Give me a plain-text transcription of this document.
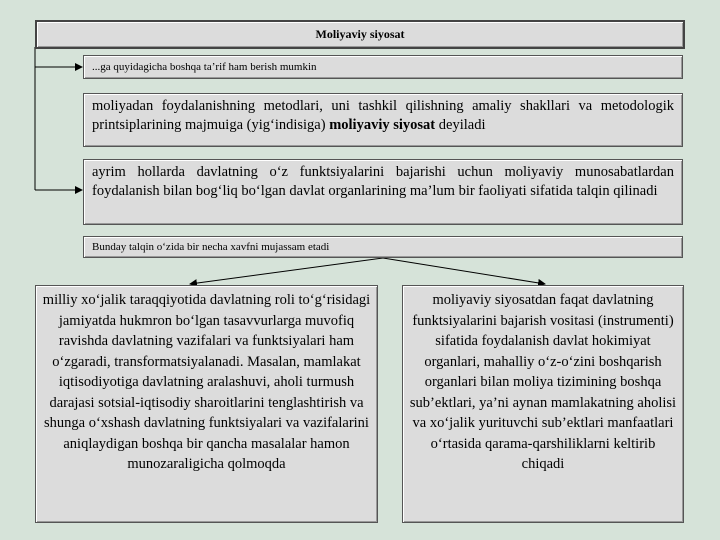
Moliyaviy siyosat
...ga quyidagicha boshqa ta’rif ham berish mumkin
moliyadan foydalanishning metodlari, uni tashkil qilishning amaliy shakllari va metodologik printsiplarining majmuiga (yig‘indisiga) moliyaviy siyosat deyiladi
ayrim hollarda davlatning o‘z funktsiyalarini bajarishi uchun moliyaviy munosabatlardan foydalanish bilan bog‘liq bo‘lgan davlat organlarining ma’lum bir faoliyati sifatida talqin qilinadi
Bunday talqin o‘zida bir necha xavfni mujassam etadi
milliy xo‘jalik taraqqiyotida davlatning roli to‘g‘risidagi jamiyatda hukmron bo‘lgan tasavvurlarga muvofiq ravishda davlatning vazifalari va funktsiyalari ham o‘zgaradi, transformatsiyalanadi. Masalan, mamlakat iqtisodiyotiga davlatning aralashuvi, aholi turmush darajasi sotsial-iqtisodiy sharoitlarini tenglashtirish va shunga o‘xshash davlatning funktsiyalari va vazifalarini aniqlaydigan boshqa bir qancha masalalar hamon munozaraligicha qolmoqda
moliyaviy siyosatdan faqat davlatning funktsiyalarini bajarish vositasi (instrumenti) sifatida foydalanish davlat hokimiyat organlari, mahalliy o‘z-o‘zini boshqarish organlari bilan moliya tizimining boshqa sub’ektlari, ya’ni aynan mamlakatning aholisi va xo‘jalik yurituvchi sub’ektlari manfaatlari o‘rtasida qarama-qarshiliklarni keltirib chiqadi
